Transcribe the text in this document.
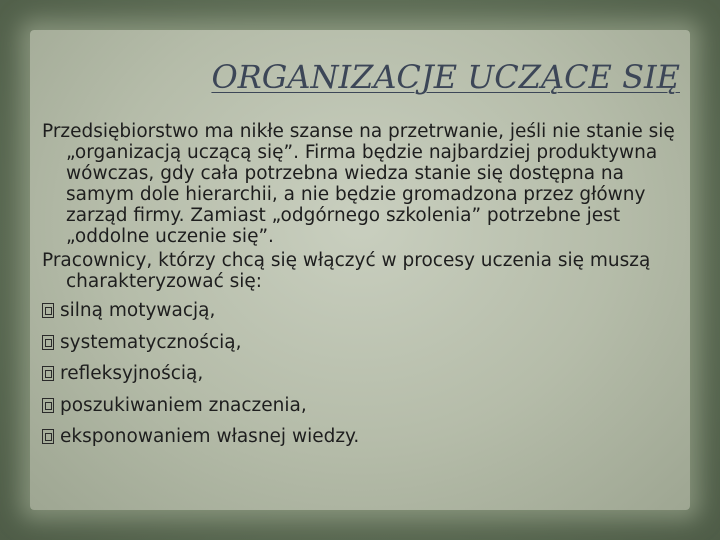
ORGANIZACJE UCZĄCE SIĘ

Przedsiębiorstwo ma nikłe szanse na przetrwanie, jeśli nie stanie się „organizacją uczącą się”. Firma będzie najbardziej produktywna wówczas, gdy cała potrzebna wiedza stanie się dostępna na samym dole hierarchii, a nie będzie gromadzona przez główny zarząd firmy. Zamiast „odgórnego szkolenia” potrzebne jest „oddolne uczenie się”.

Pracownicy, którzy chcą się włączyć w procesy uczenia się muszą charakteryzować się:

silną motywacją,
systematycznością,
refleksyjnością,
poszukiwaniem znaczenia,
eksponowaniem własnej wiedzy.
